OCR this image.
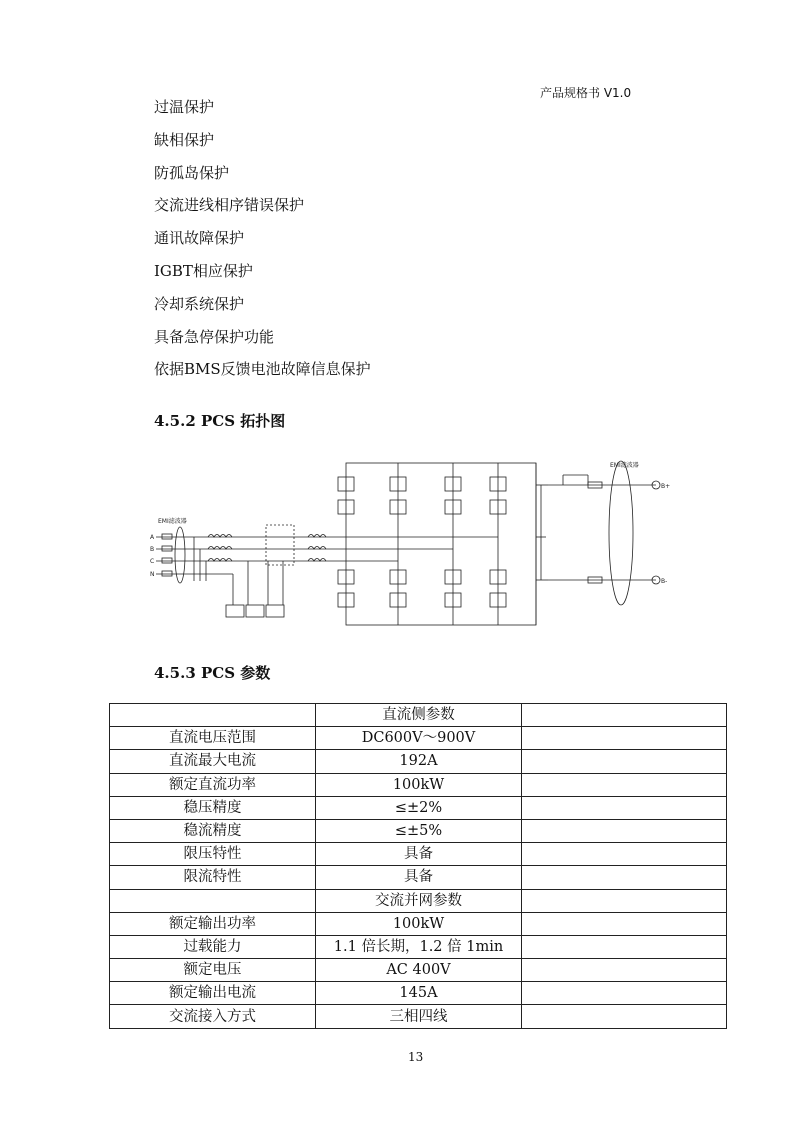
产品规格书 V1.0
过温保护
缺相保护
防孤岛保护
交流进线相序错误保护
通讯故障保护
IGBT相应保护
冷却系统保护
具备急停保护功能
依据BMS反馈电池故障信息保护
4.5.2 PCS 拓扑图
EMI滤波器
EMI滤波器
A
B
C
N
B+
B-
4.5.3 PCS 参数
	直流侧参数	
直流电压范围	DC600V～900V	
直流最大电流	192A	
额定直流功率	100kW	
稳压精度	≤±2%	
稳流精度	≤±5%	
限压特性	具备	
限流特性	具备	
	交流并网参数	
额定输出功率	100kW	
过载能力	1.1 倍长期，1.2 倍 1min	
额定电压	AC 400V	
额定输出电流	145A	
交流接入方式	三相四线	
13
